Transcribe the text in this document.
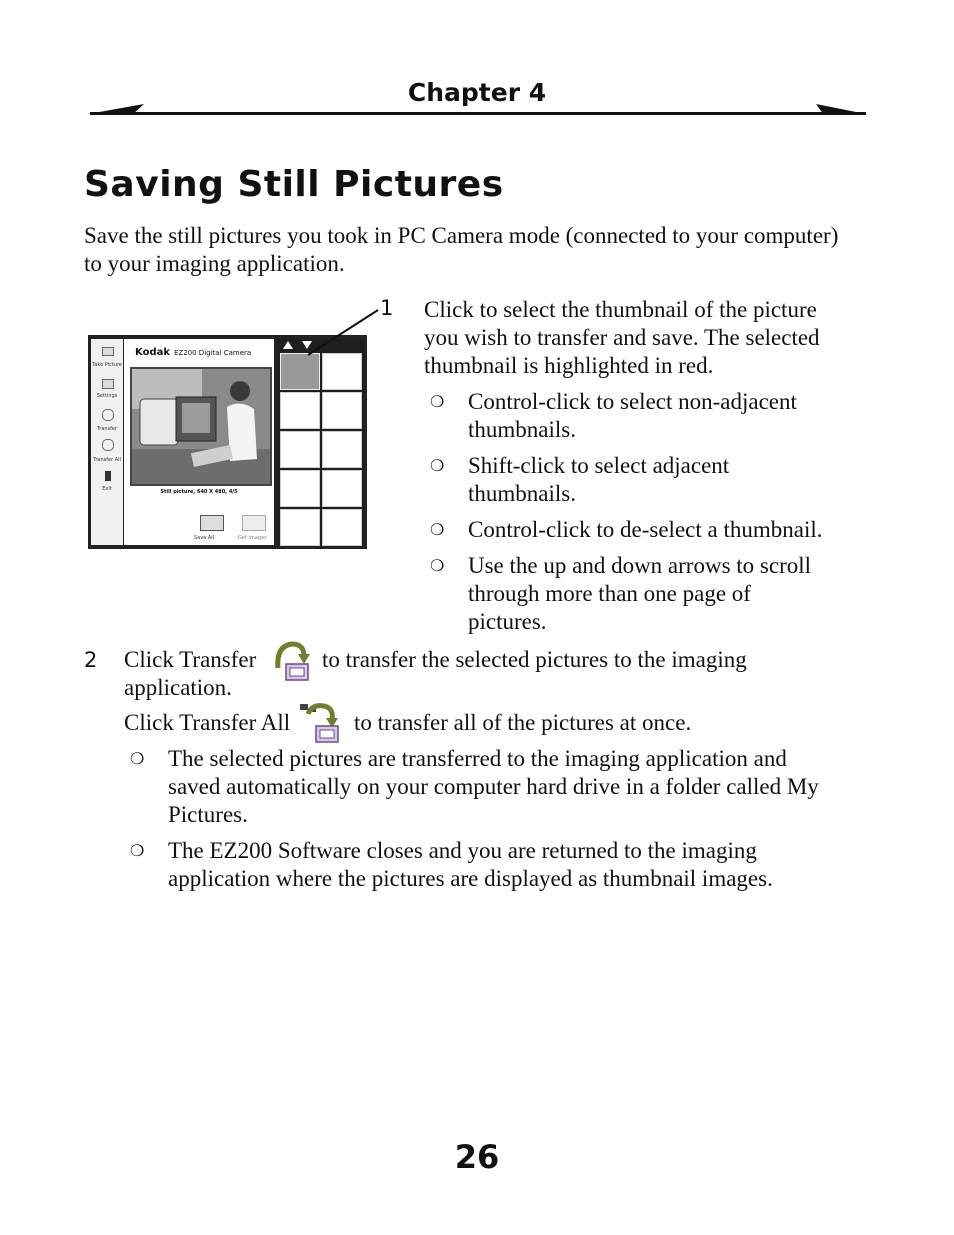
Chapter 4
Saving Still Pictures
Save the still pictures you took in PC Camera mode (connected to your computer)
to your imaging application.
Take Picture
Settings
Transfer
Transfer All
Exit
Kodak EZ200 Digital Camera
Still picture, 640 X 480, 4/5
Save All	Get Images
1 Click to select the thumbnail of the picture
you wish to transfer and save. The selected
thumbnail is highlighted in red.
❍ Control-click to select non-adjacent
thumbnails.
❍ Shift-click to select adjacent
thumbnails.
❍ Control-click to de-select a thumbnail.
❍ Use the up and down arrows to scroll
through more than one page of
pictures.
2 Click Transfer	to transfer the selected pictures to the imaging
application.
Click Transfer All	to transfer all of the pictures at once.
❍ The selected pictures are transferred to the imaging application and
saved automatically on your computer hard drive in a folder called My
Pictures.
❍ The EZ200 Software closes and you are returned to the imaging
application where the pictures are displayed as thumbnail images.
26
